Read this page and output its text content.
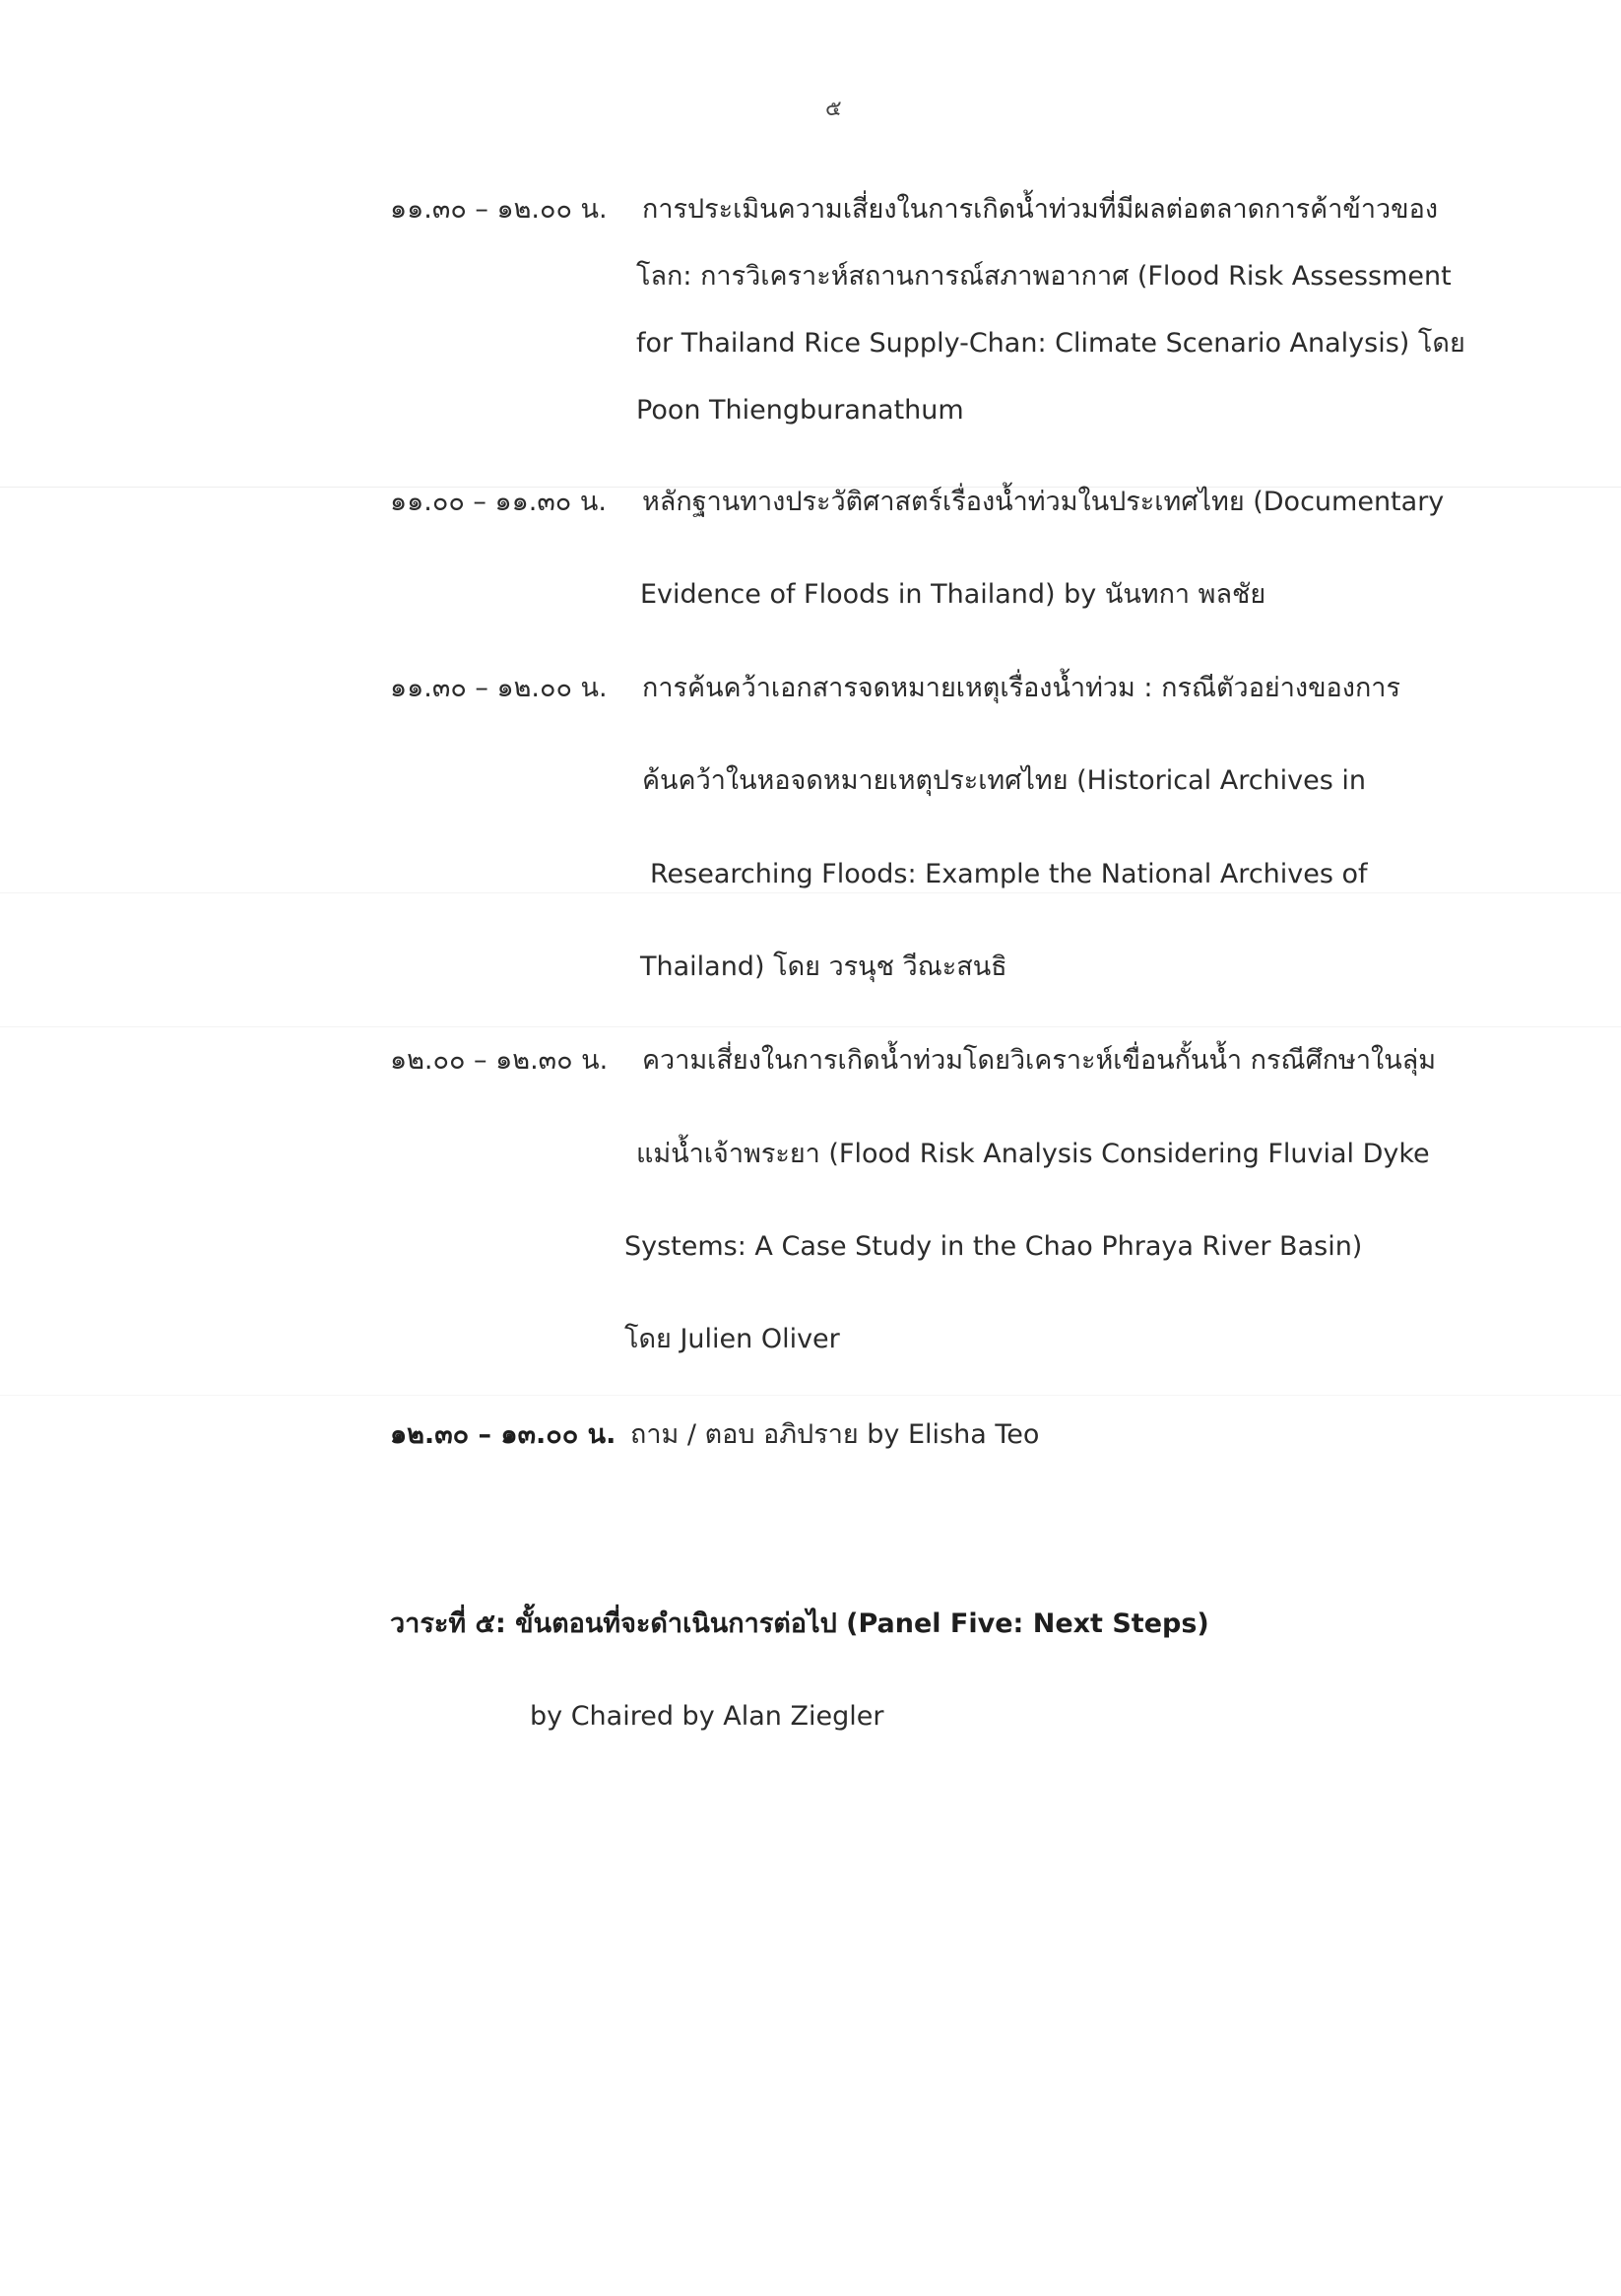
๕
๑๑.๓๐ – ๑๒.๐๐ น. การประเมินความเสี่ยงในการเกิดน้ำท่วมที่มีผลต่อตลาดการค้าข้าวของ
โลก: การวิเคราะห์สถานการณ์สภาพอากาศ (Flood Risk Assessment
for Thailand Rice Supply-Chan: Climate Scenario Analysis) โดย
Poon Thiengburanathum
๑๑.๐๐ – ๑๑.๓๐ น. หลักฐานทางประวัติศาสตร์เรื่องน้ำท่วมในประเทศไทย (Documentary
Evidence of Floods in Thailand) by นันทกา พลชัย
๑๑.๓๐ – ๑๒.๐๐ น. การค้นคว้าเอกสารจดหมายเหตุเรื่องน้ำท่วม : กรณีตัวอย่างของการ
ค้นคว้าในหอจดหมายเหตุประเทศไทย (Historical Archives in
Researching Floods: Example the National Archives of
Thailand) โดย วรนุช วีณะสนธิ
๑๒.๐๐ – ๑๒.๓๐ น. ความเสี่ยงในการเกิดน้ำท่วมโดยวิเคราะห์เขื่อนกั้นน้ำ กรณีศึกษาในลุ่ม
แม่น้ำเจ้าพระยา (Flood Risk Analysis Considering Fluvial Dyke
Systems: A Case Study in the Chao Phraya River Basin)
โดย Julien Oliver
๑๒.๓๐ – ๑๓.๐๐ น. ถาม / ตอบ อภิปราย by Elisha Teo
วาระที่ ๕: ขั้นตอนที่จะดำเนินการต่อไป (Panel Five: Next Steps)
by Chaired by Alan Ziegler
